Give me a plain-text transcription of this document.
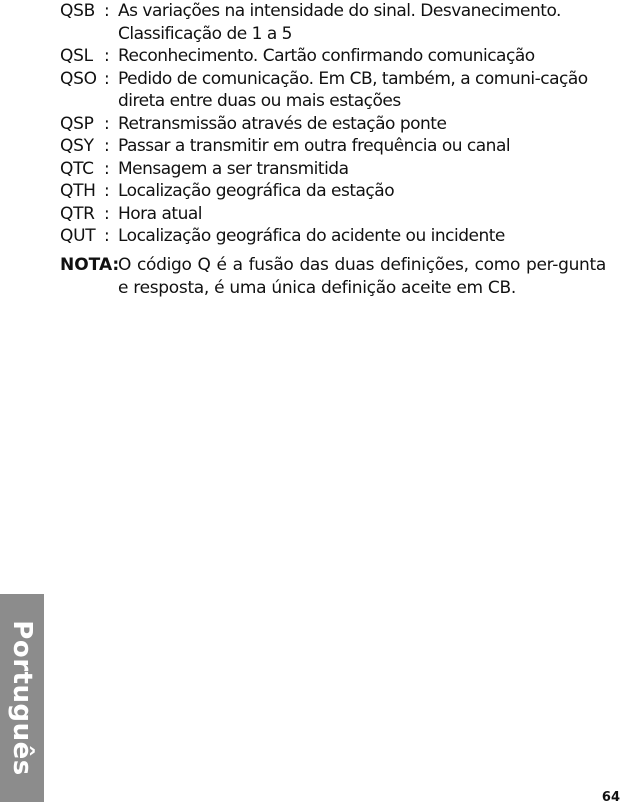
QSB : As variações na intensidade do sinal. Desvanecimento. Classificação de 1 a 5
QSL : Reconhecimento. Cartão confirmando comunicação
QSO : Pedido de comunicação. Em CB, também, a comuni-cação direta entre duas ou mais estações
QSP : Retransmissão através de estação ponte
QSY : Passar a transmitir em outra frequência ou canal
QTC : Mensagem a ser transmitida
QTH : Localização geográfica da estação
QTR : Hora atual
QUT : Localização geográfica do acidente ou incidente
NOTA:
O código Q é a fusão das duas definições, como per-gunta e resposta, é uma única definição aceite em CB.
Português
64
